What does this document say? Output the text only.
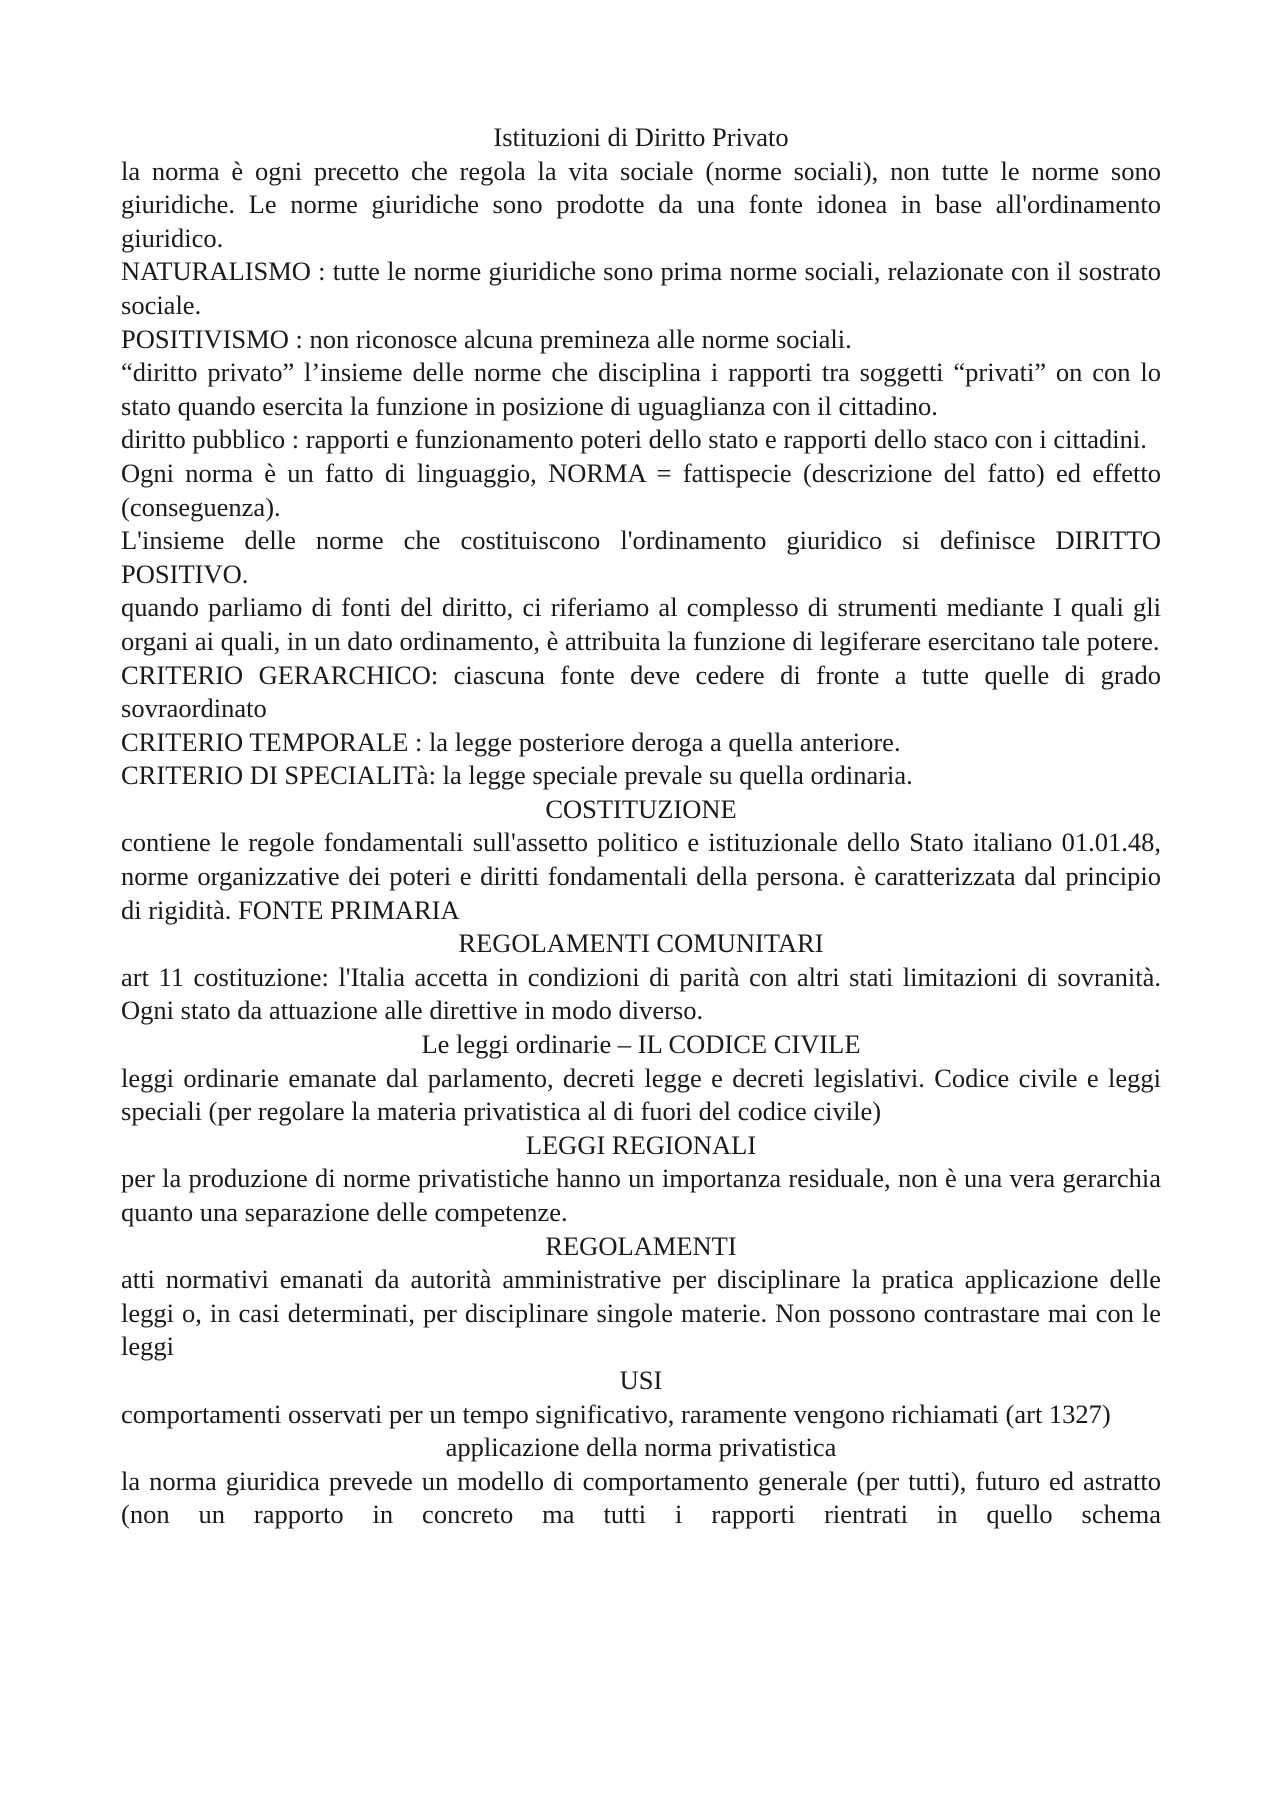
Istituzioni di Diritto Privato
la norma è ogni precetto che regola la vita sociale (norme sociali), non tutte le norme sono giuridiche. Le norme giuridiche sono prodotte da una fonte idonea in base all'ordinamento giuridico.
NATURALISMO : tutte le norme giuridiche sono prima norme sociali, relazionate con il sostrato sociale.
POSITIVISMO : non riconosce alcuna premineza alle norme sociali.
“diritto privato” l’insieme delle norme che disciplina i rapporti tra soggetti “privati” on con lo stato quando esercita la funzione in posizione di uguaglianza con il cittadino.
diritto pubblico : rapporti e funzionamento poteri dello stato e rapporti dello staco con i cittadini.
Ogni norma è un fatto di linguaggio, NORMA = fattispecie (descrizione del fatto) ed effetto (conseguenza).
L'insieme delle norme che costituiscono l'ordinamento giuridico si definisce DIRITTO POSITIVO.
quando parliamo di fonti del diritto, ci riferiamo al complesso di strumenti mediante I quali gli organi ai quali, in un dato ordinamento, è attribuita la funzione di legiferare esercitano tale potere.
CRITERIO GERARCHICO: ciascuna fonte deve cedere di fronte a tutte quelle di grado sovraordinato
CRITERIO TEMPORALE : la legge posteriore deroga a quella anteriore.
CRITERIO DI SPECIALITà: la legge speciale prevale su quella ordinaria.
COSTITUZIONE
contiene le regole fondamentali sull'assetto politico e istituzionale dello Stato italiano 01.01.48, norme organizzative dei poteri e diritti fondamentali della persona. è caratterizzata dal principio di rigidità. FONTE PRIMARIA
REGOLAMENTI COMUNITARI
art 11 costituzione: l'Italia accetta in condizioni di parità con altri stati limitazioni di sovranità. Ogni stato da attuazione alle direttive in modo diverso.
Le leggi ordinarie – IL CODICE CIVILE
leggi ordinarie emanate dal parlamento, decreti legge e decreti legislativi. Codice civile e leggi speciali (per regolare la materia privatistica al di fuori del codice civile)
LEGGI REGIONALI
per la produzione di norme privatistiche hanno un importanza residuale, non è una vera gerarchia quanto una separazione delle competenze.
REGOLAMENTI
atti normativi emanati da autorità amministrative per disciplinare la pratica applicazione delle leggi o, in casi determinati, per disciplinare singole materie. Non possono contrastare mai con le leggi
USI
comportamenti osservati per un tempo significativo, raramente vengono richiamati (art 1327)
applicazione della norma privatistica
la norma giuridica prevede un modello di comportamento generale (per tutti), futuro ed astratto (non un rapporto in concreto ma tutti i rapporti rientrati in quello schema
